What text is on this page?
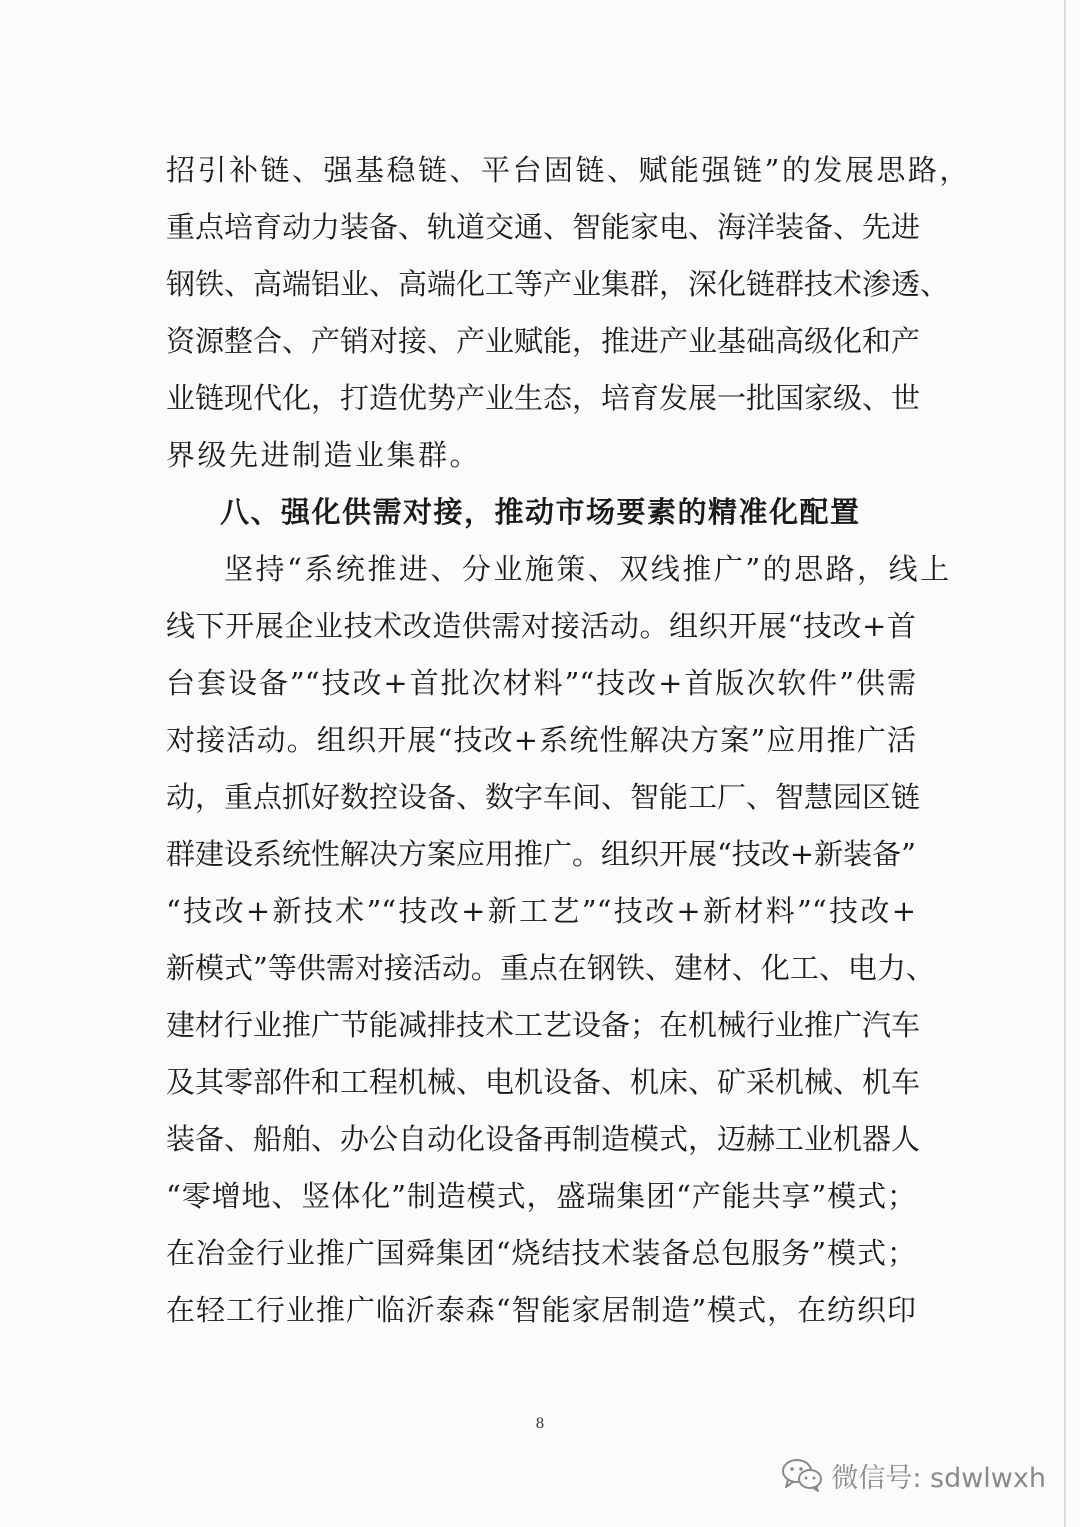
招引补链、强基稳链、平台固链、赋能强链”的发展思路，
重点培育动力装备、轨道交通、智能家电、海洋装备、先进
钢铁、高端铝业、高端化工等产业集群，深化链群技术渗透、
资源整合、产销对接、产业赋能，推进产业基础高级化和产
业链现代化，打造优势产业生态，培育发展一批国家级、世
界级先进制造业集群。
八、强化供需对接，推动市场要素的精准化配置
坚持“系统推进、分业施策、双线推广”的思路，线上
线下开展企业技术改造供需对接活动。组织开展“技改+首
台套设备”“技改+首批次材料”“技改+首版次软件”供需
对接活动。组织开展“技改+系统性解决方案”应用推广活
动，重点抓好数控设备、数字车间、智能工厂、智慧园区链
群建设系统性解决方案应用推广。组织开展“技改+新装备”
“技改+新技术”“技改+新工艺”“技改+新材料”“技改+
新模式”等供需对接活动。重点在钢铁、建材、化工、电力、
建材行业推广节能减排技术工艺设备；在机械行业推广汽车
及其零部件和工程机械、电机设备、机床、矿采机械、机车
装备、船舶、办公自动化设备再制造模式，迈赫工业机器人
“零增地、竖体化”制造模式，盛瑞集团“产能共享”模式；
在冶金行业推广国舜集团“烧结技术装备总包服务”模式；
在轻工行业推广临沂泰森“智能家居制造”模式，在纺织印
8
微信号: sdwlwxh
